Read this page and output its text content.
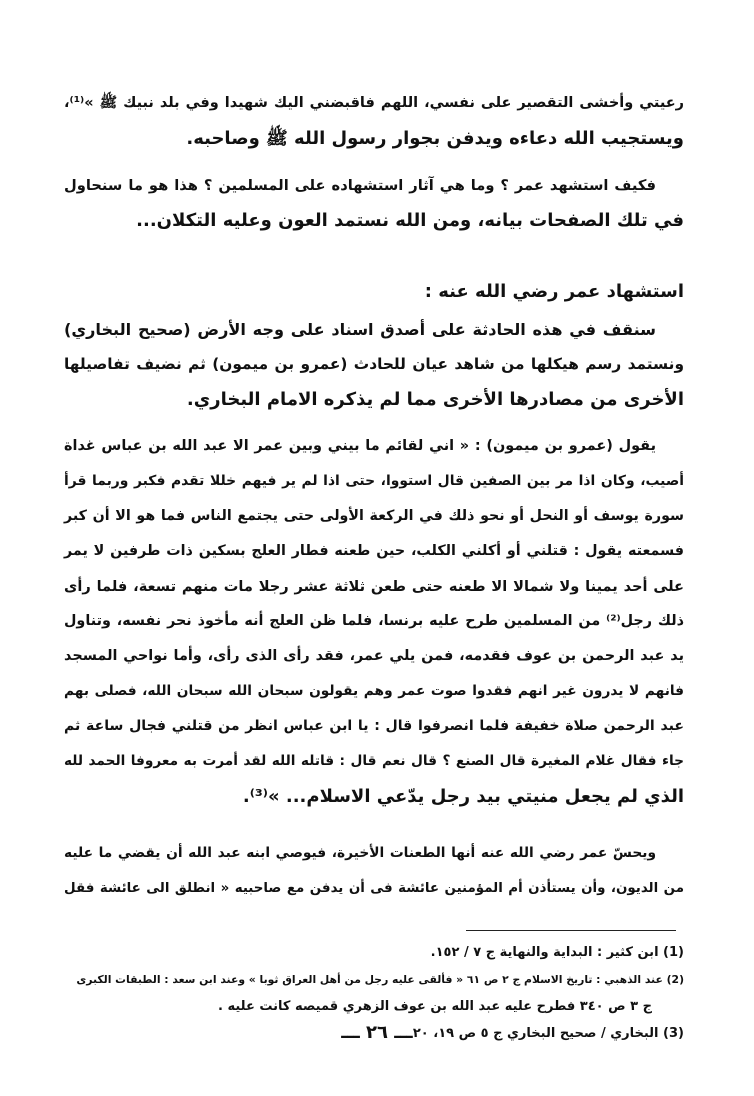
رعيتي وأخشى التقصير على نفسي، اللهم فاقبضني اليك شهيدا وفي بلد نبيك ﷺ »⁽¹⁾،
ويستجيب الله دعاءه ويدفن بجوار رسول الله ﷺ وصاحبه.
فكيف استشهد عمر ؟ وما هي آثار استشهاده على المسلمين ؟ هذا هو ما سنحاول
في تلك الصفحات بيانه، ومن الله نستمد العون وعليه التكلان...
استشهاد عمر رضي الله عنه :
سنقف في هذه الحادثة على أصدق اسناد على وجه الأرض (صحيح البخاري)
ونستمد رسم هيكلها من شاهد عيان للحادث (عمرو بن ميمون) ثم نضيف تفاصيلها
الأخرى من مصادرها الأخرى مما لم يذكره الامام البخاري.
يقول (عمرو بن ميمون) : « اني لقائم ما بيني وبين عمر الا عبد الله بن عباس غداة
أصيب، وكان اذا مر بين الصفين قال استووا، حتى اذا لم ير فيهم خللا تقدم فكبر وربما قرأ
سورة يوسف أو النحل أو نحو ذلك في الركعة الأولى حتى يجتمع الناس فما هو الا أن كبر
فسمعته يقول : قتلني أو أكلني الكلب، حين طعنه فطار العلج بسكين ذات طرفين لا يمر
على أحد يمينا ولا شمالا الا طعنه حتى طعن ثلاثة عشر رجلا مات منهم تسعة، فلما رأى
ذلك رجل⁽²⁾ من المسلمين طرح عليه برنسا، فلما ظن العلج أنه مأخوذ نحر نفسه، وتناول
يد عبد الرحمن بن عوف فقدمه، فمن يلي عمر، فقد رأى الذى رأى، وأما نواحي المسجد
فانهم لا يدرون غير انهم فقدوا صوت عمر وهم يقولون سبحان الله سبحان الله، فصلى بهم
عبد الرحمن صلاة خفيفة فلما انصرفوا قال : يا ابن عباس انظر من قتلني فجال ساعة ثم
جاء فقال غلام المغيرة قال الصنع ؟ قال نعم قال : قاتله الله لقد أمرت به معروفا الحمد لله
الذي لم يجعل منيتي بيد رجل يدّعي الاسلام... »⁽³⁾.
ويحسّ عمر رضي الله عنه أنها الطعنات الأخيرة، فيوصي ابنه عبد الله أن يقضي ما عليه
من الديون، وأن يستأذن أم المؤمنين عائشة فى أن يدفن مع صاحبيه « انطلق الى عائشة فقل
(1) ابن كثير : البداية والنهاية ج ٧ / ١٥٢.
(2) عند الذهبي : تاريخ الاسلام ج ٢ ص ٦١ « فألقى عليه رجل من أهل العراق ثوبا » وعند ابن سعد : الطبقات الكبرى
ج ٣ ص ٣٤٠ فطرح عليه عبد الله بن عوف الزهري قميصه كانت عليه .
(3) البخاري / صحيح البخاري ج ٥ ص ١٩، ٢٠
ـــ ٢٦ ـــ
